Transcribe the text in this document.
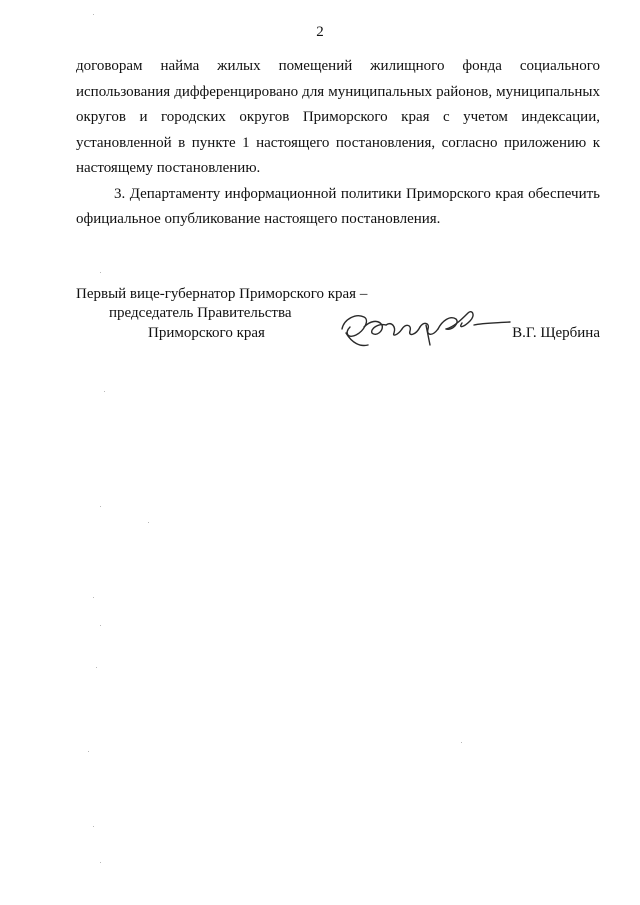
2

договорам найма жилых помещений жилищного фонда социального использования дифференцировано для муниципальных районов, муниципальных округов и городских округов Приморского края с учетом индексации, установленной в пункте 1 настоящего постановления, согласно приложению к настоящему постановлению.

3. Департаменту информационной политики Приморского края обеспечить официальное опубликование настоящего постановления.

Первый вице-губернатор Приморского края –
председатель Правительства
Приморского края	В.Г. Щербина
